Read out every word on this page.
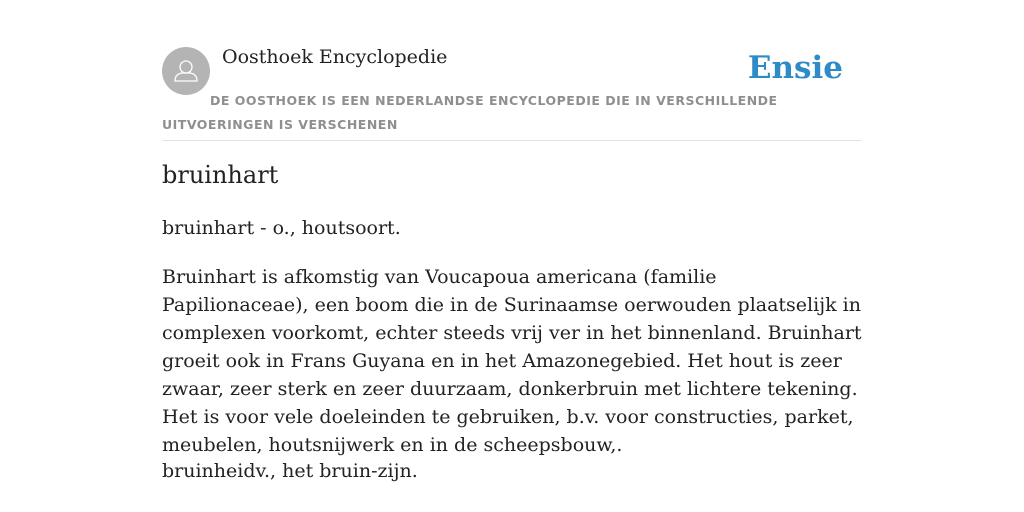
Oosthoek Encyclopedie	Ensie
DE OOSTHOEK IS EEN NEDERLANDSE ENCYCLOPEDIE DIE IN VERSCHILLENDE UITVOERINGEN IS VERSCHENEN
bruinhart
bruinhart - o., houtsoort.
Bruinhart is afkomstig van Voucapoua americana (familie Papilionaceae), een boom die in de Surinaamse oerwouden plaatselijk in complexen voorkomt, echter steeds vrij ver in het binnenland. Bruinhart groeit ook in Frans Guyana en in het Amazonegebied. Het hout is zeer zwaar, zeer sterk en zeer duurzaam, donkerbruin met lichtere tekening. Het is voor vele doeleinden te gebruiken, b.v. voor constructies, parket, meubelen, houtsnijwerk en in de scheepsbouw,.
bruinheidv., het bruin-zijn.
